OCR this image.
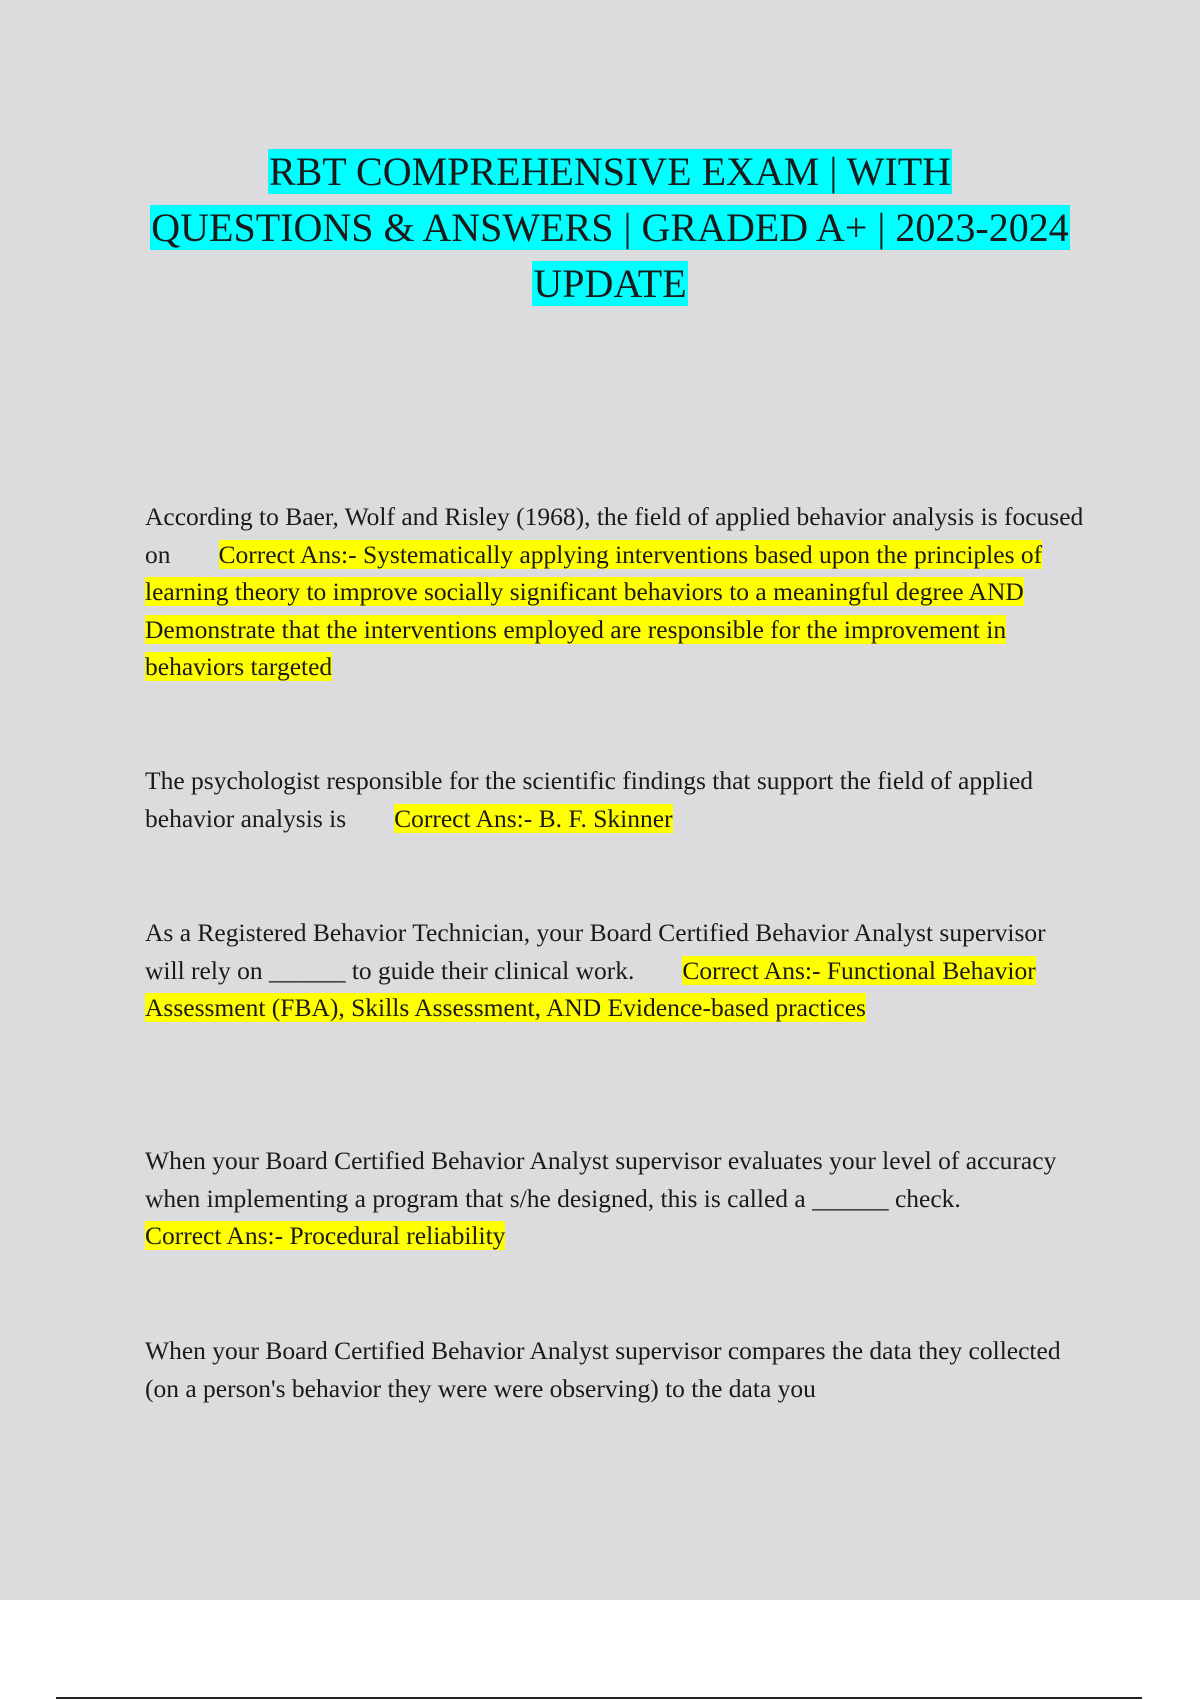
RBT COMPREHENSIVE EXAM | WITH
QUESTIONS & ANSWERS | GRADED A+ | 2023-2024
UPDATE
According to Baer, Wolf and Risley (1968), the field of applied behavior analysis is focused on Correct Ans:- Systematically applying interventions based upon the principles of learning theory to improve socially significant behaviors to a meaningful degree AND Demonstrate that the interventions employed are responsible for the improvement in behaviors targeted
The psychologist responsible for the scientific findings that support the field of applied behavior analysis is Correct Ans:- B. F. Skinner
As a Registered Behavior Technician, your Board Certified Behavior Analyst supervisor will rely on ______ to guide their clinical work. Correct Ans:- Functional Behavior Assessment (FBA), Skills Assessment, AND Evidence-based practices
When your Board Certified Behavior Analyst supervisor evaluates your level of accuracy when implementing a program that s/he designed, this is called a ______ check.Correct Ans:- Procedural reliability
When your Board Certified Behavior Analyst supervisor compares the data they collected (on a person's behavior they were were observing) to the data you
